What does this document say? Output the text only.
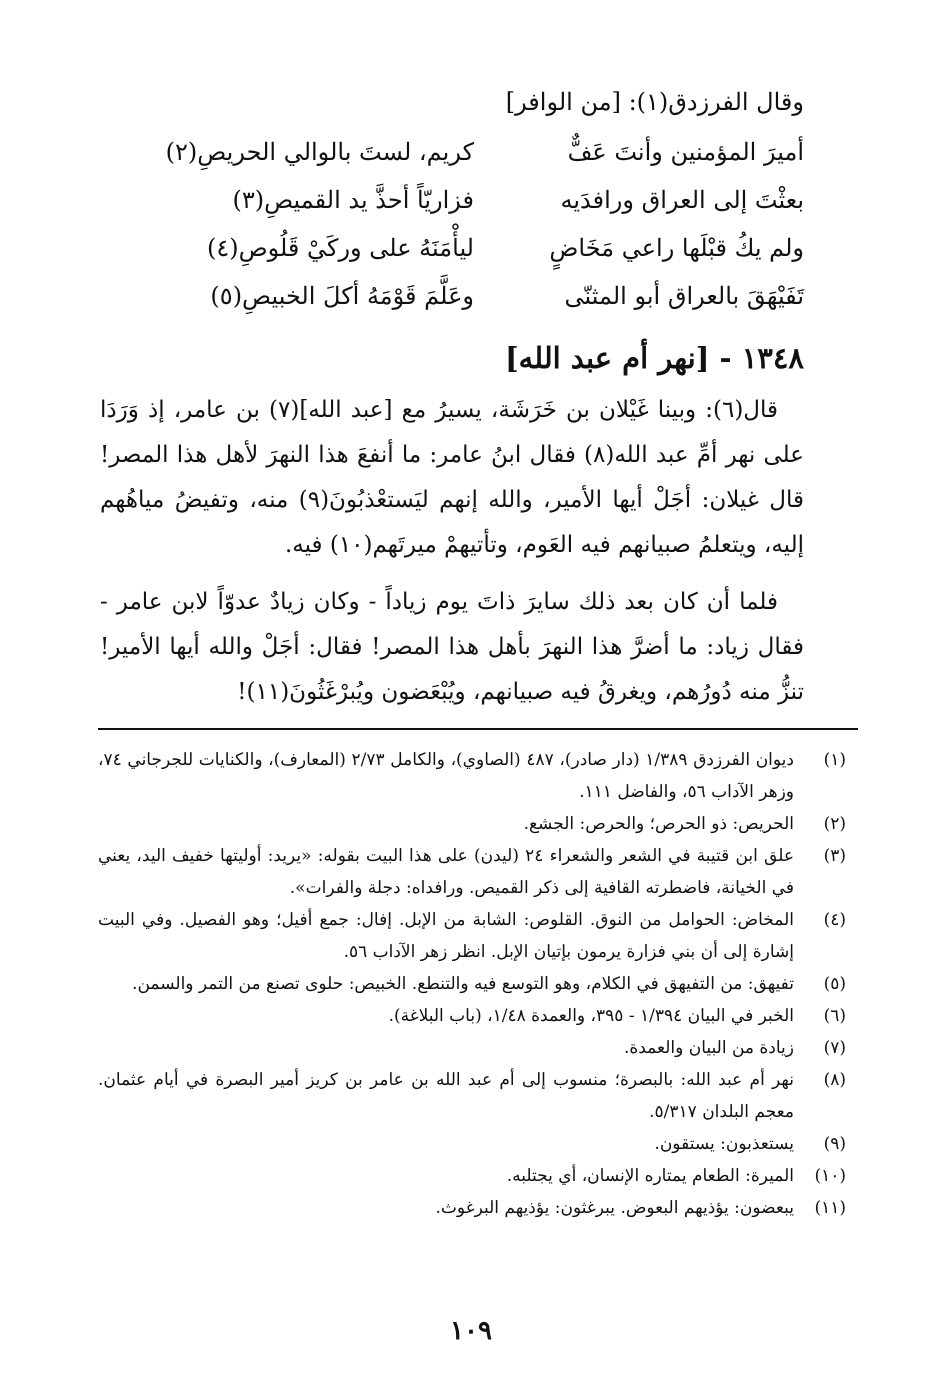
وقال الفرزدق(١): [من الوافر]
أميرَ المؤمنين وأنتَ عَفٌّ
كريم، لستَ بالوالي الحريصِ(٢)
بعثْتَ إلى العراق ورافدَيه
فزاريّاً أحذَّ يد القميصِ(٣)
ولم يكُ قبْلَها راعي مَخَاضٍ
ليأْمَنَهُ على وركَيْ قَلُوصِ(٤)
تَفَيْهَقَ بالعراق أبو المثنّى
وعَلَّمَ قَوْمَهُ أكلَ الخبيصِ(٥)
١٣٤٨ - [نهر أم عبد الله]

قال(٦): وبينا غَيْلان بن خَرَشَة، يسيرُ مع [عبد الله](٧) بن عامر، إذ وَرَدَا على نهر أمِّ عبد الله(٨) فقال ابنُ عامر: ما أنفعَ هذا النهرَ لأهل هذا المصر! قال غيلان: أجَلْ أيها الأمير، والله إنهم ليَستعْذبُونَ(٩) منه، وتفيضُ مياهُهم إليه، ويتعلمُ صبيانهم فيه العَوم، وتأتيهمْ ميرتَهم(١٠) فيه.

فلما أن كان بعد ذلك سايرَ ذاتَ يوم زياداً - وكان زيادٌ عدوّاً لابن عامر - فقال زياد: ما أضرَّ هذا النهرَ بأهل هذا المصر! فقال: أجَلْ والله أيها الأمير! تنزُّ منه دُورُهم، ويغرقُ فيه صبيانهم، ويُبْعَضون ويُبرْغَثُونَ(١١)!

(١)
ديوان الفرزدق ١/٣٨٩ (دار صادر)، ٤٨٧ (الصاوي)، والكامل ٢/٧٣ (المعارف)، والكنايات للجرجاني ٧٤، وزهر الآداب ٥٦، والفاضل ١١١.
(٢)
الحريص: ذو الحرص؛ والحرص: الجشع.
(٣)
علق ابن قتيبة في الشعر والشعراء ٢٤ (ليدن) على هذا البيت بقوله: «يريد: أوليتها خفيف اليد، يعني في الخيانة، فاضطرته القافية إلى ذكر القميص. ورافداه: دجلة والفرات».
(٤)
المخاض: الحوامل من النوق. القلوص: الشابة من الإبل. إفال: جمع أفيل؛ وهو الفصيل. وفي البيت إشارة إلى أن بني فزارة يرمون بإتيان الإبل. انظر زهر الآداب ٥٦.
(٥)
تفيهق: من التفيهق في الكلام، وهو التوسع فيه والتنطع. الخبيص: حلوى تصنع من التمر والسمن.
(٦)
الخبر في البيان ١/٣٩٤ - ٣٩٥، والعمدة ١/٤٨، (باب البلاغة).
(٧)
زيادة من البيان والعمدة.
(٨)
نهر أم عبد الله: بالبصرة؛ منسوب إلى أم عبد الله بن عامر بن كريز أمير البصرة في أيام عثمان. معجم البلدان ٥/٣١٧.
(٩)
يستعذبون: يستقون.
(١٠)
الميرة: الطعام يمتاره الإنسان، أي يجتلبه.
(١١)
يبعضون: يؤذيهم البعوض. يبرغثون: يؤذيهم البرغوث.
١٠٩
